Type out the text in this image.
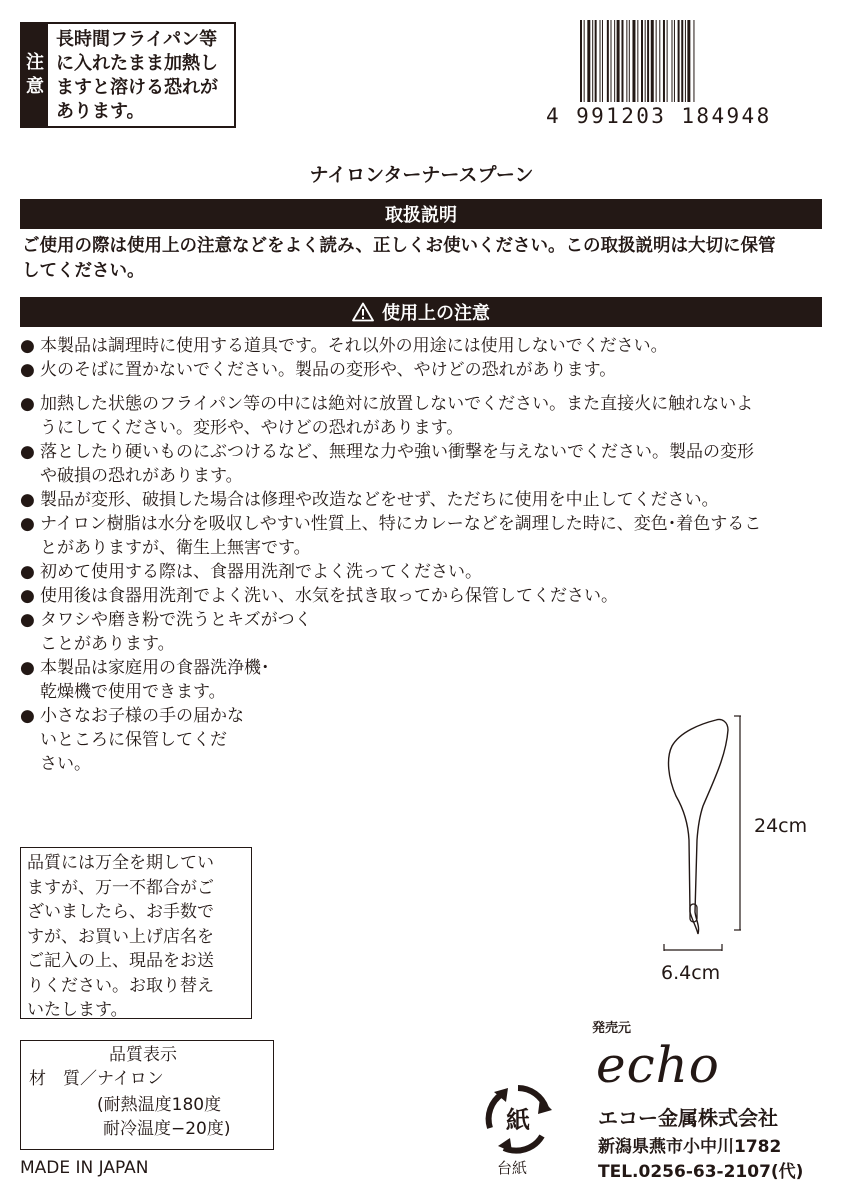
注
意
長時間フライパン等
に入れたまま加熱し
ますと溶ける恐れが
あります。	4 991203 184948
ナイロンターナースプーン
取扱説明
ご使用の際は使用上の注意などをよく読み、正しくお使いください。この取扱説明は大切に保管
してください。
使用上の注意
● 本製品は調理時に使用する道具です。それ以外の用途には使用しないでください。
● 火のそばに置かないでください。製品の変形や、やけどの恐れがあります。
● 加熱した状態のフライパン等の中には絶対に放置しないでください。また直接火に触れないよ
うにしてください。変形や、やけどの恐れがあります。
● 落としたり硬いものにぶつけるなど、無理な力や強い衝撃を与えないでください。製品の変形
や破損の恐れがあります。
● 製品が変形、破損した場合は修理や改造などをせず、ただちに使用を中止してください。
● ナイロン樹脂は水分を吸収しやすい性質上、特にカレーなどを調理した時に、変色･着色するこ
とがありますが、衛生上無害です。
● 初めて使用する際は、食器用洗剤でよく洗ってください。
● 使用後は食器用洗剤でよく洗い、水気を拭き取ってから保管してください。
● タワシや磨き粉で洗うとキズがつく
ことがあります。
● 本製品は家庭用の食器洗浄機･
乾燥機で使用できます。
● 小さなお子様の手の届かな
いところに保管してくだ
さい。
24cm
6.4cm
品質には万全を期してい
ますが、万一不都合がご
ざいましたら、お手数で
すが、お買い上げ店名を
ご記入の上、現品をお送
りください。お取り替え
いたします。
品質表示
材　質／ナイロン
(耐熱温度180度
耐冷温度−20度)
MADE IN JAPAN
紙
台紙
発売元
echo
エコー金属株式会社
新潟県燕市小中川1782
TEL.0256-63-2107(代)
